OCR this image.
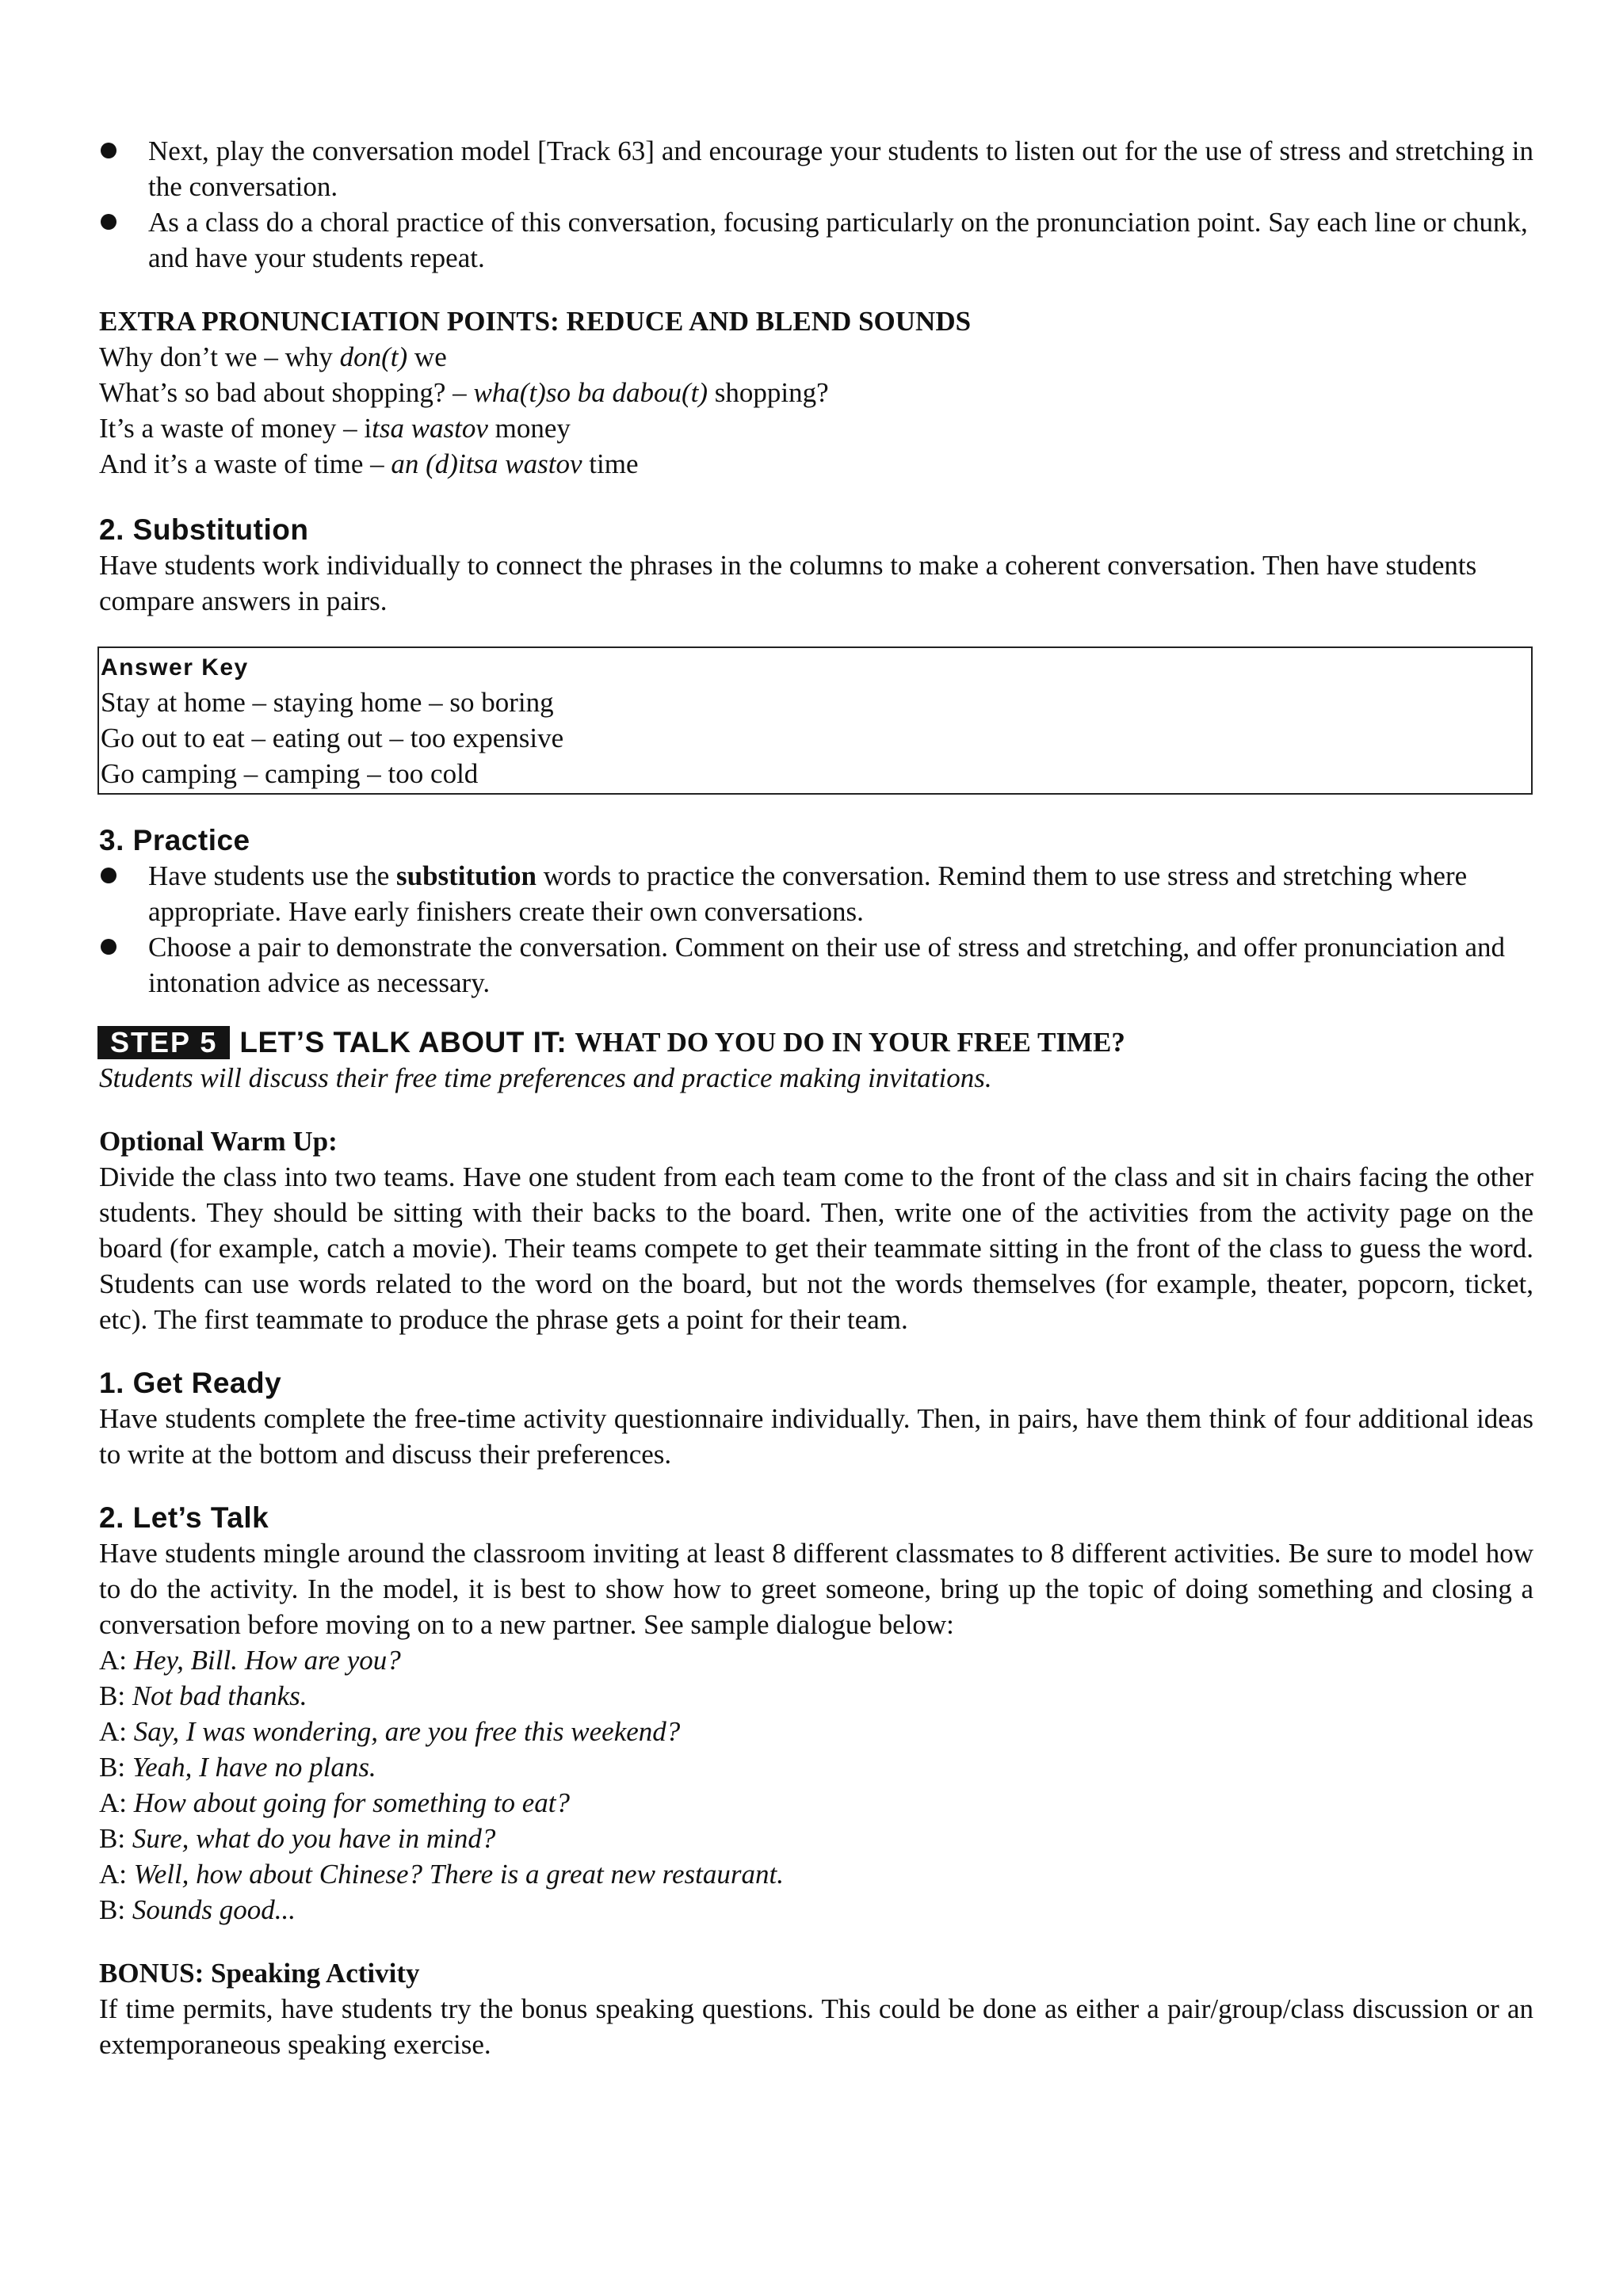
Next, play the conversation model [Track 63] and encourage your students to listen out for the use of stress and stretching in the conversation.
As a class do a choral practice of this conversation, focusing particularly on the pronunciation point. Say each line or chunk, and have your students repeat.
EXTRA PRONUNCIATION POINTS: REDUCE AND BLEND SOUNDS
Why don’t we – why don(t) we
What’s so bad about shopping? – wha(t)so ba dabou(t) shopping?
It’s a waste of money – itsa wastov money
And it’s a waste of time – an (d)itsa wastov time
2. Substitution
Have students work individually to connect the phrases in the columns to make a coherent conversation. Then have students compare answers in pairs.
Answer Key
Stay at home – staying home – so boring
Go out to eat – eating out – too expensive
Go camping – camping – too cold
3. Practice
Have students use the substitution words to practice the conversation. Remind them to use stress and stretching where appropriate. Have early finishers create their own conversations.
Choose a pair to demonstrate the conversation. Comment on their use of stress and stretching, and offer pronunciation and intonation advice as necessary.
STEP 5 LET’S TALK ABOUT IT: WHAT DO YOU DO IN YOUR FREE TIME?
Students will discuss their free time preferences and practice making invitations.
Optional Warm Up:
Divide the class into two teams. Have one student from each team come to the front of the class and sit in chairs facing the other students. They should be sitting with their backs to the board. Then, write one of the activities from the activity page on the board (for example, catch a movie). Their teams compete to get their teammate sitting in the front of the class to guess the word. Students can use words related to the word on the board, but not the words themselves (for example, theater, popcorn, ticket, etc). The first teammate to produce the phrase gets a point for their team.
1. Get Ready
Have students complete the free-time activity questionnaire individually. Then, in pairs, have them think of four additional ideas to write at the bottom and discuss their preferences.
2. Let’s Talk
Have students mingle around the classroom inviting at least 8 different classmates to 8 different activities. Be sure to model how to do the activity. In the model, it is best to show how to greet someone, bring up the topic of doing something and closing a conversation before moving on to a new partner. See sample dialogue below:
A: Hey, Bill. How are you?
B: Not bad thanks.
A: Say, I was wondering, are you free this weekend?
B: Yeah, I have no plans.
A: How about going for something to eat?
B: Sure, what do you have in mind?
A: Well, how about Chinese? There is a great new restaurant.
B: Sounds good...
BONUS: Speaking Activity
If time permits, have students try the bonus speaking questions. This could be done as either a pair/group/class discussion or an extemporaneous speaking exercise.
